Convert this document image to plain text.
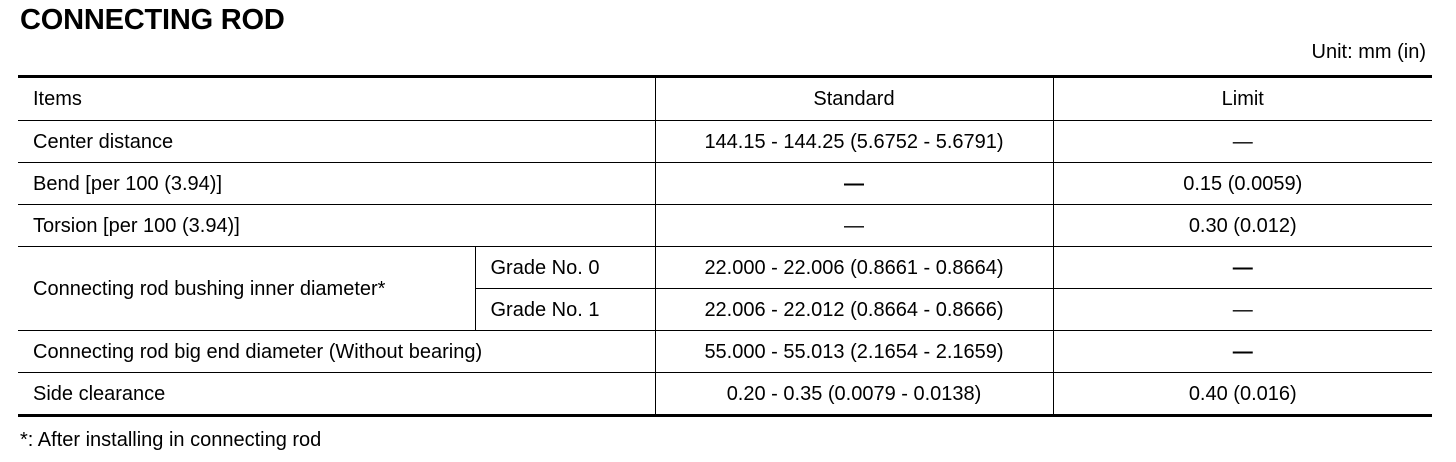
CONNECTING ROD
Unit: mm (in)
Items		Standard	Limit
Center distance		144.15 - 144.25 (5.6752 - 5.6791)	—
Bend [per 100 (3.94)]		—	0.15 (0.0059)
Torsion [per 100 (3.94)]		—	0.30 (0.012)
Connecting rod bushing inner diameter*	Grade No. 0	22.000 - 22.006 (0.8661 - 0.8664)	—
	Grade No. 1	22.006 - 22.012 (0.8664 - 0.8666)	—
Connecting rod big end diameter (Without bearing)		55.000 - 55.013 (2.1654 - 2.1659)	—
Side clearance		0.20 - 0.35 (0.0079 - 0.0138)	0.40 (0.016)
*: After installing in connecting rod
